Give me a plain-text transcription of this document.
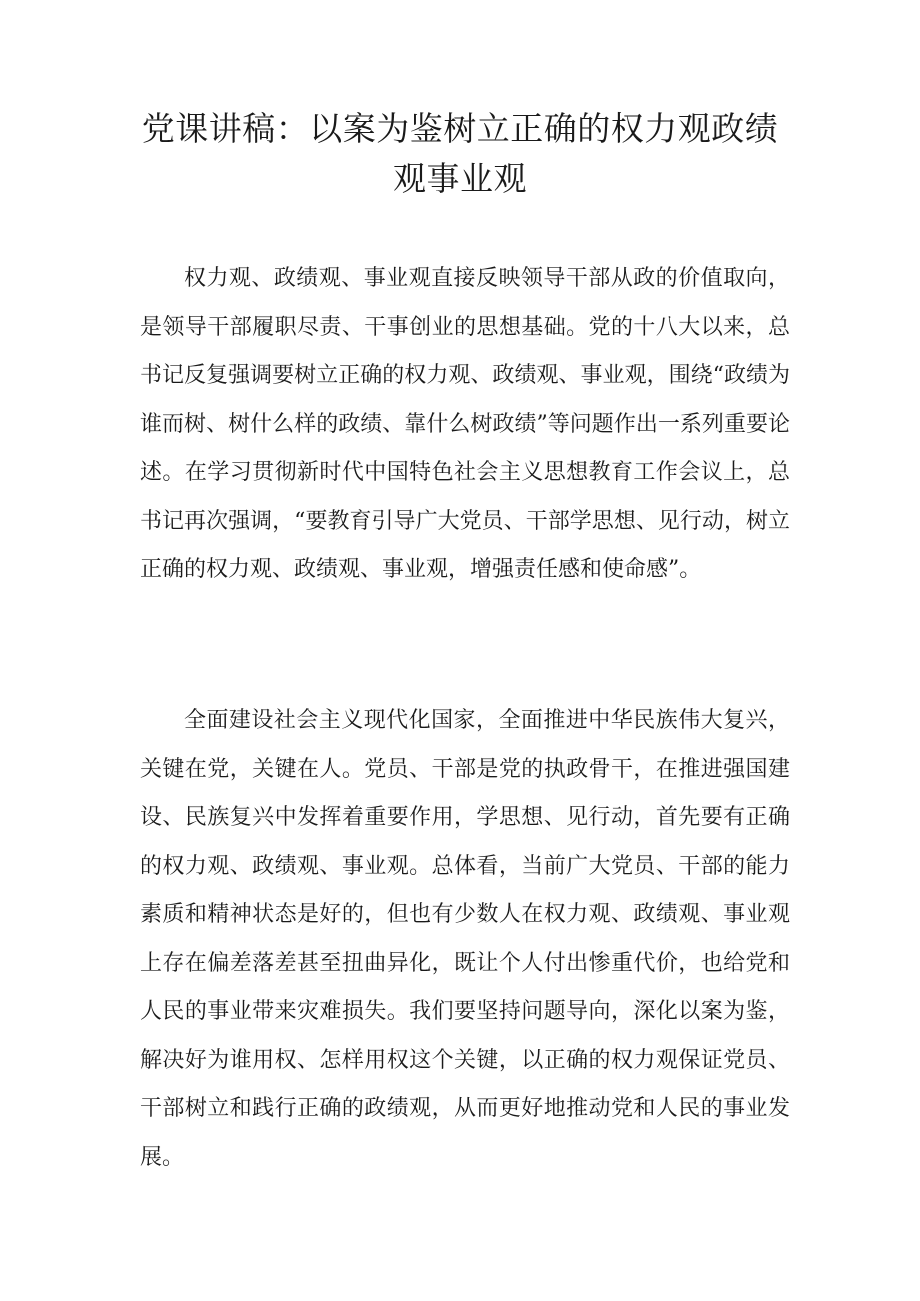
党课讲稿：以案为鉴树立正确的权力观政绩
观事业观

权力观、政绩观、事业观直接反映领导干部从政的价值取向，是领导干部履职尽责、干事创业的思想基础。党的十八大以来，总书记反复强调要树立正确的权力观、政绩观、事业观，围绕“政绩为谁而树、树什么样的政绩、靠什么树政绩”等问题作出一系列重要论述。在学习贯彻新时代中国特色社会主义思想教育工作会议上，总书记再次强调，“要教育引导广大党员、干部学思想、见行动，树立正确的权力观、政绩观、事业观，增强责任感和使命感”。

全面建设社会主义现代化国家，全面推进中华民族伟大复兴，关键在党，关键在人。党员、干部是党的执政骨干，在推进强国建设、民族复兴中发挥着重要作用，学思想、见行动，首先要有正确的权力观、政绩观、事业观。总体看，当前广大党员、干部的能力素质和精神状态是好的，但也有少数人在权力观、政绩观、事业观上存在偏差落差甚至扭曲异化，既让个人付出惨重代价，也给党和人民的事业带来灾难损失。我们要坚持问题导向，深化以案为鉴，解决好为谁用权、怎样用权这个关键，以正确的权力观保证党员、干部树立和践行正确的政绩观，从而更好地推动党和人民的事业发展。
